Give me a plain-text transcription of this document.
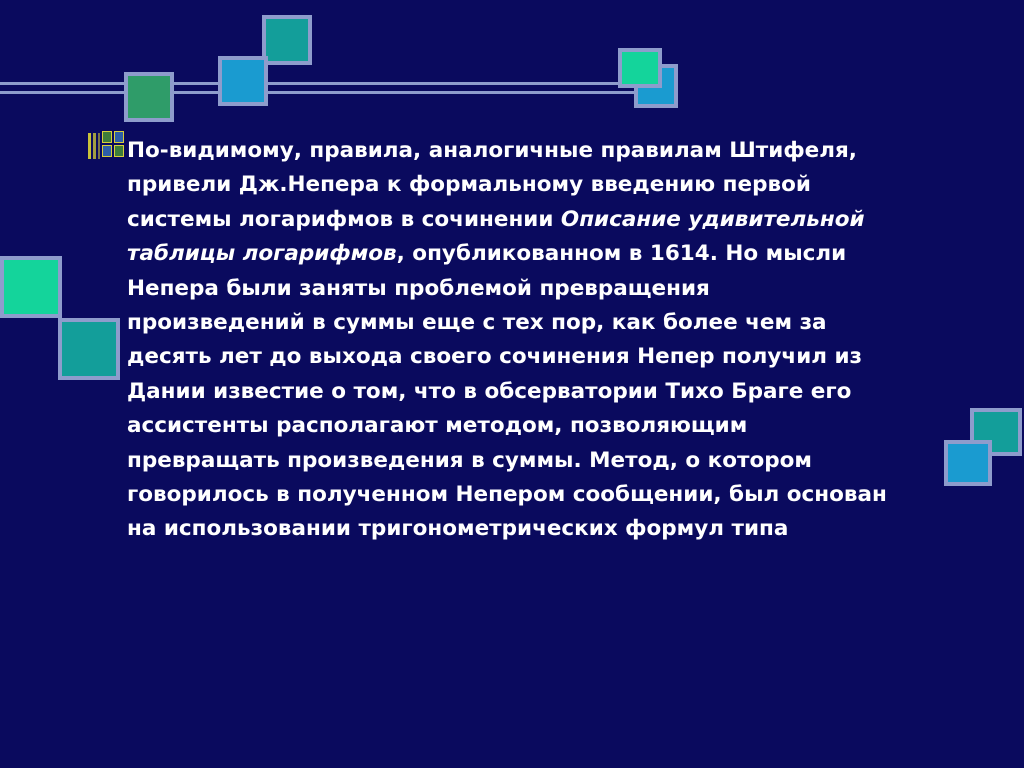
По-видимому, правила, аналогичные правилам Штифеля, привели Дж.Непера к формальному введению первой системы логарифмов в сочинении Описание удивительной таблицы логарифмов, опубликованном в 1614. Но мысли Непера были заняты проблемой превращения произведений в суммы еще с тех пор, как более чем за десять лет до выхода своего сочинения Непер получил из Дании известие о том, что в обсерватории Тихо Браге его ассистенты располагают методом, позволяющим превращать произведения в суммы. Метод, о котором говорилось в полученном Непером сообщении, был основан на использовании тригонометрических формул типа
